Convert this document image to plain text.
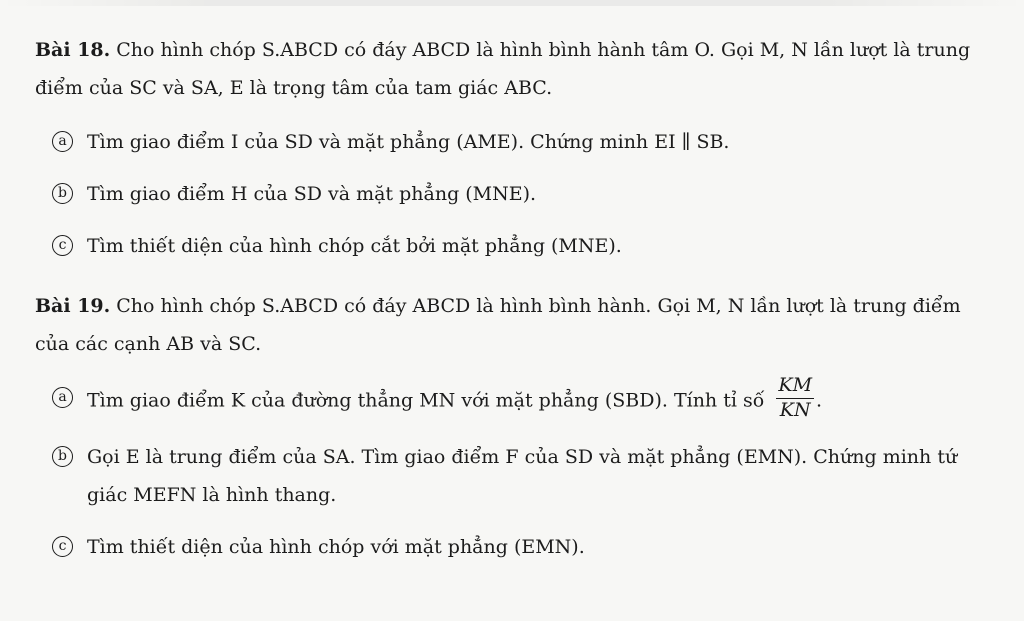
Bài 18. Cho hình chóp S.ABCD có đáy ABCD là hình bình hành tâm O. Gọi M, N lần lượt là trung điểm của SC và SA, E là trọng tâm của tam giác ABC.

a	Tìm giao điểm I của SD và mặt phẳng (AME). Chứng minh EI ∥ SB.
b	Tìm giao điểm H của SD và mặt phẳng (MNE).
c	Tìm thiết diện của hình chóp cắt bởi mặt phẳng (MNE).

Bài 19. Cho hình chóp S.ABCD có đáy ABCD là hình bình hành. Gọi M, N lần lượt là trung điểm của các cạnh AB và SC.

a	Tìm giao điểm K của đường thẳng MN với mặt phẳng (SBD). Tính tỉ số $\frac{KM}{KN}$ .
b	Gọi E là trung điểm của SA. Tìm giao điểm F của SD và mặt phẳng (EMN). Chứng minh tứ giác MEFN là hình thang.
c	Tìm thiết diện của hình chóp với mặt phẳng (EMN).
